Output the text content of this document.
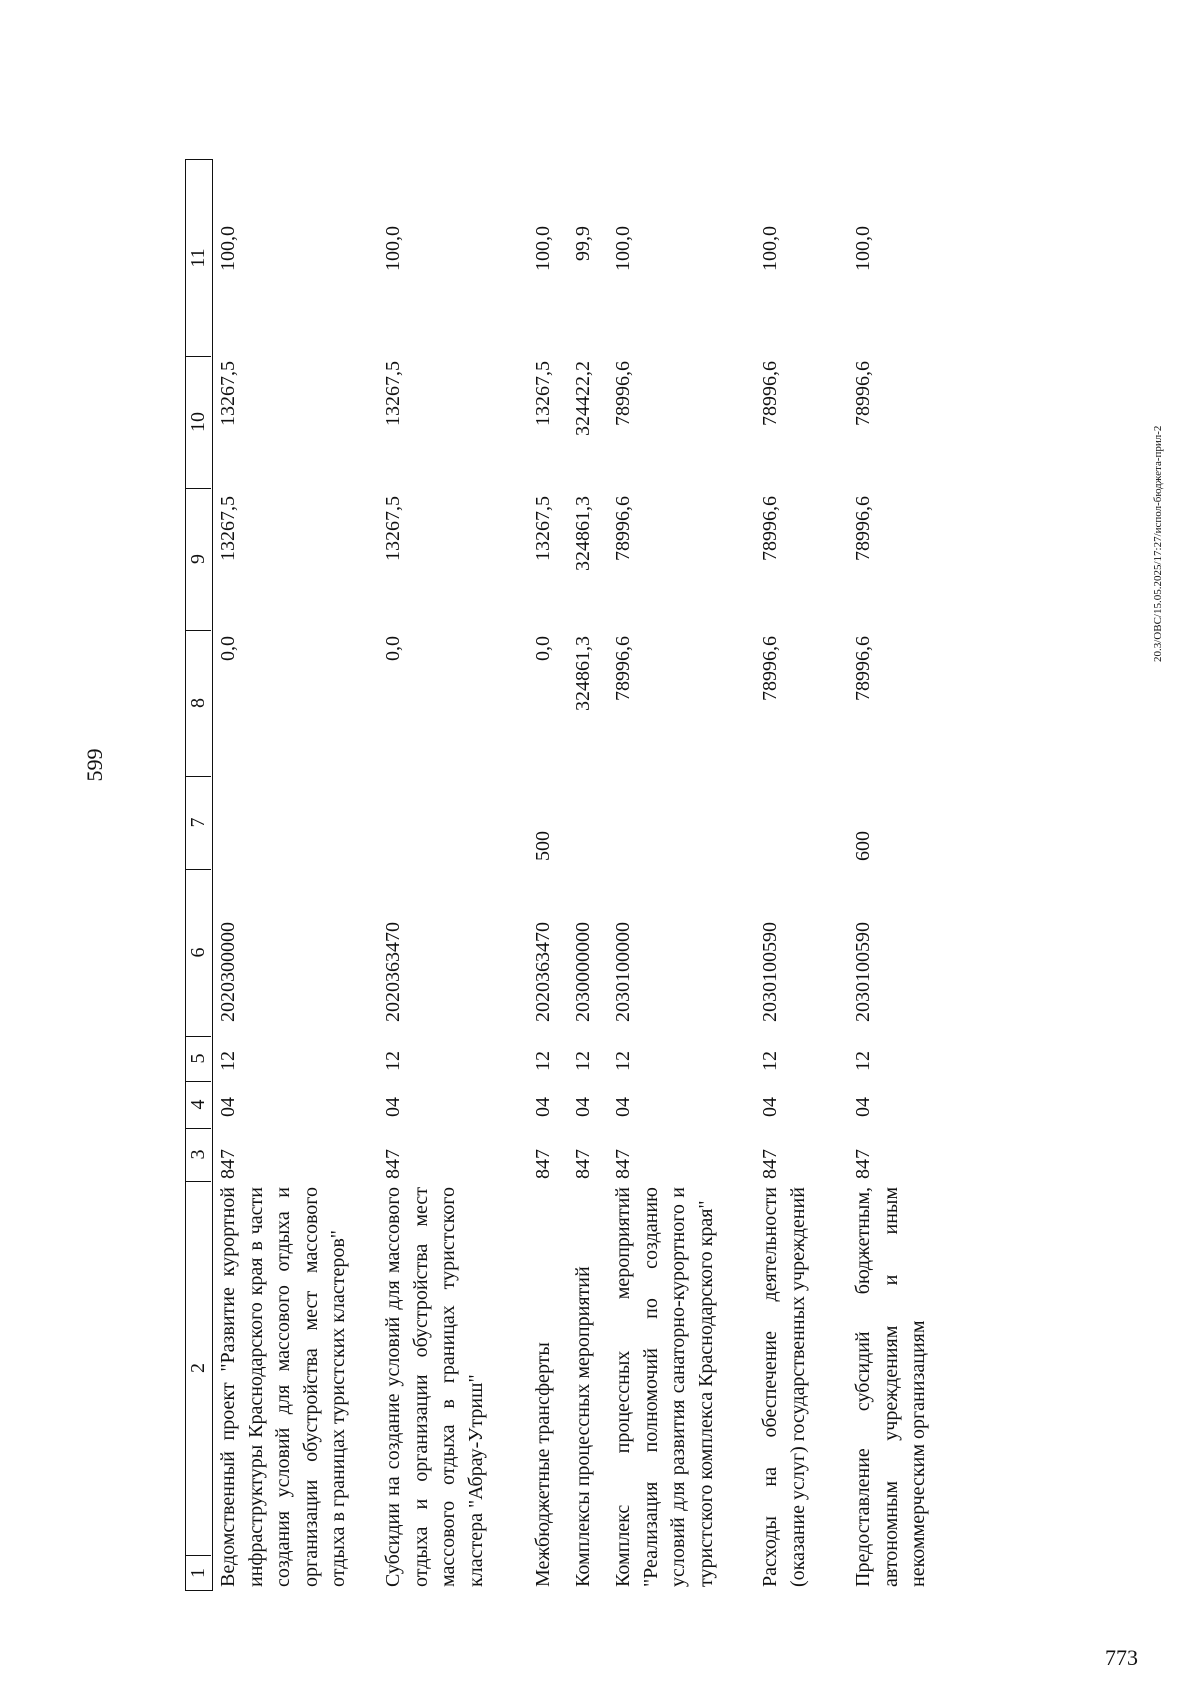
599
1
2
3
4
5
6
7
8
9
10
11
Ведомственный проект "Развитие курортной инфраструктуры Краснодарского края в части создания условий для массового отдыха и организации обустройства мест массового отдыха в границах туристских кластеров"
847
04
12
2020300000
0,0
13267,5
13267,5
100,0
Субсидии на создание условий для массового отдыха и организации обустройства мест массового отдыха в границах туристского кластера "Абрау-Утриш"
847
04
12
2020363470
0,0
13267,5
13267,5
100,0
Межбюджетные трансферты
847
04
12
2020363470
500
0,0
13267,5
13267,5
100,0
Комплексы процессных мероприятий
847
04
12
2030000000
324861,3
324861,3
324422,2
99,9
Комплекс процессных мероприятий "Реализация полномочий по созданию условий для развития санаторно-курортного и туристского комплекса Краснодарского края"
847
04
12
2030100000
78996,6
78996,6
78996,6
100,0
Расходы на обеспечение деятельности (оказание услуг) государственных учреждений
847
04
12
2030100590
78996,6
78996,6
78996,6
100,0
Предоставление субсидий бюджетным, автономным учреждениям и иным некоммерческим организациям
847
04
12
2030100590
600
78996,6
78996,6
78996,6
100,0
20.3/ОВС/15.05.2025/17:27/испол-бюджета-прил-2
773
